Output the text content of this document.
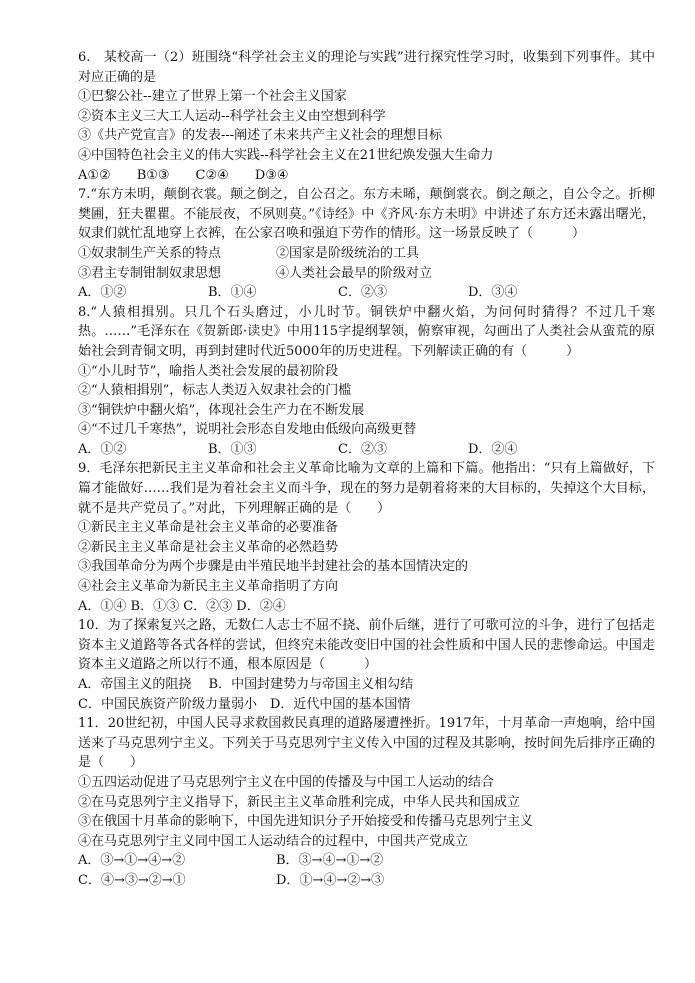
6.　某校高一（2）班围绕“科学社会主义的理论与实践”进行探究性学习时，收集到下列事件。其中对应正确的是

①巴黎公社--建立了世界上第一个社会主义国家

②资本主义三大工人运动--科学社会主义由空想到科学

③《共产党宣言》的发表---阐述了未来共产主义社会的理想目标

④中国特色社会主义的伟大实践--科学社会主义在21世纪焕发强大生命力

A①②　　B①③　　C②④　　D③④

7.“东方未明，颠倒衣裳。颠之倒之，自公召之。东方未晞，颠倒裳衣。倒之颠之，自公令之。折柳樊圃，狂夫瞿瞿。不能辰夜，不夙则莫。”《诗经》中《齐风·东方未明》中讲述了东方还未露出曙光，奴隶们就忙乱地穿上衣裤，在公家召唤和强迫下劳作的情形。这一场景反映了（　　　）

①奴隶制生产关系的特点	②国家是阶级统治的工具
③君主专制钳制奴隶思想	④人类社会最早的阶级对立
A．①②	B．①④	C．②③	D．③④

8.“人猿相揖别。只几个石头磨过，小儿时节。铜铁炉中翻火焰，为问何时猜得？不过几千寒热。……”毛泽东在《贺新郎·读史》中用115字提纲挈领，俯察审视，勾画出了人类社会从蛮荒的原始社会到青铜文明，再到封建时代近5000年的历史进程。下列解读正确的有（　　　）

①“小儿时节”，喻指人类社会发展的最初阶段

②“人猿相揖别”，标志人类迈入奴隶社会的门槛

③“铜铁炉中翻火焰”，体现社会生产力在不断发展

④“不过几千寒热”，说明社会形态自发地由低级向高级更替

A．①②	B．①③	C．②③	D．②④

9．毛泽东把新民主主义革命和社会主义革命比喻为文章的上篇和下篇。他指出：“只有上篇做好，下篇才能做好……我们是为着社会主义而斗争，现在的努力是朝着将来的大目标的，失掉这个大目标，就不是共产党员了。”对此，下列理解正确的是（　　）

①新民主主义革命是社会主义革命的必要准备

②新民主主义革命是社会主义革命的必然趋势

③我国革命分为两个步骤是由半殖民地半封建社会的基本国情决定的

④社会主义革命为新民主主义革命指明了方向

A．①④ B．①③ C．②③ D．②④

10．为了探索复兴之路，无数仁人志士不屈不挠、前仆后继，进行了可歌可泣的斗争，进行了包括走资本主义道路等各式各样的尝试，但终究未能改变旧中国的社会性质和中国人民的悲惨命运。中国走资本主义道路之所以行不通，根本原因是（　　　）

A．帝国主义的阻挠　 B．中国封建势力与帝国主义相勾结

C．中国民族资产阶级力量弱小　D．近代中国的基本国情

11．20世纪初，中国人民寻求救国救民真理的道路屡遭挫折。1917年，十月革命一声炮响，给中国送来了马克思列宁主义。下列关于马克思列宁主义传入中国的过程及其影响，按时间先后排序正确的是（　　）

①五四运动促进了马克思列宁主义在中国的传播及与中国工人运动的结合

②在马克思列宁主义指导下，新民主主义革命胜利完成，中华人民共和国成立

③在俄国十月革命的影响下，中国先进知识分子开始接受和传播马克思列宁主义

④在马克思列宁主义同中国工人运动结合的过程中，中国共产党成立

A．③→①→④→②	B．③→④→①→②
C．④→③→②→①	D．①→④→②→③
